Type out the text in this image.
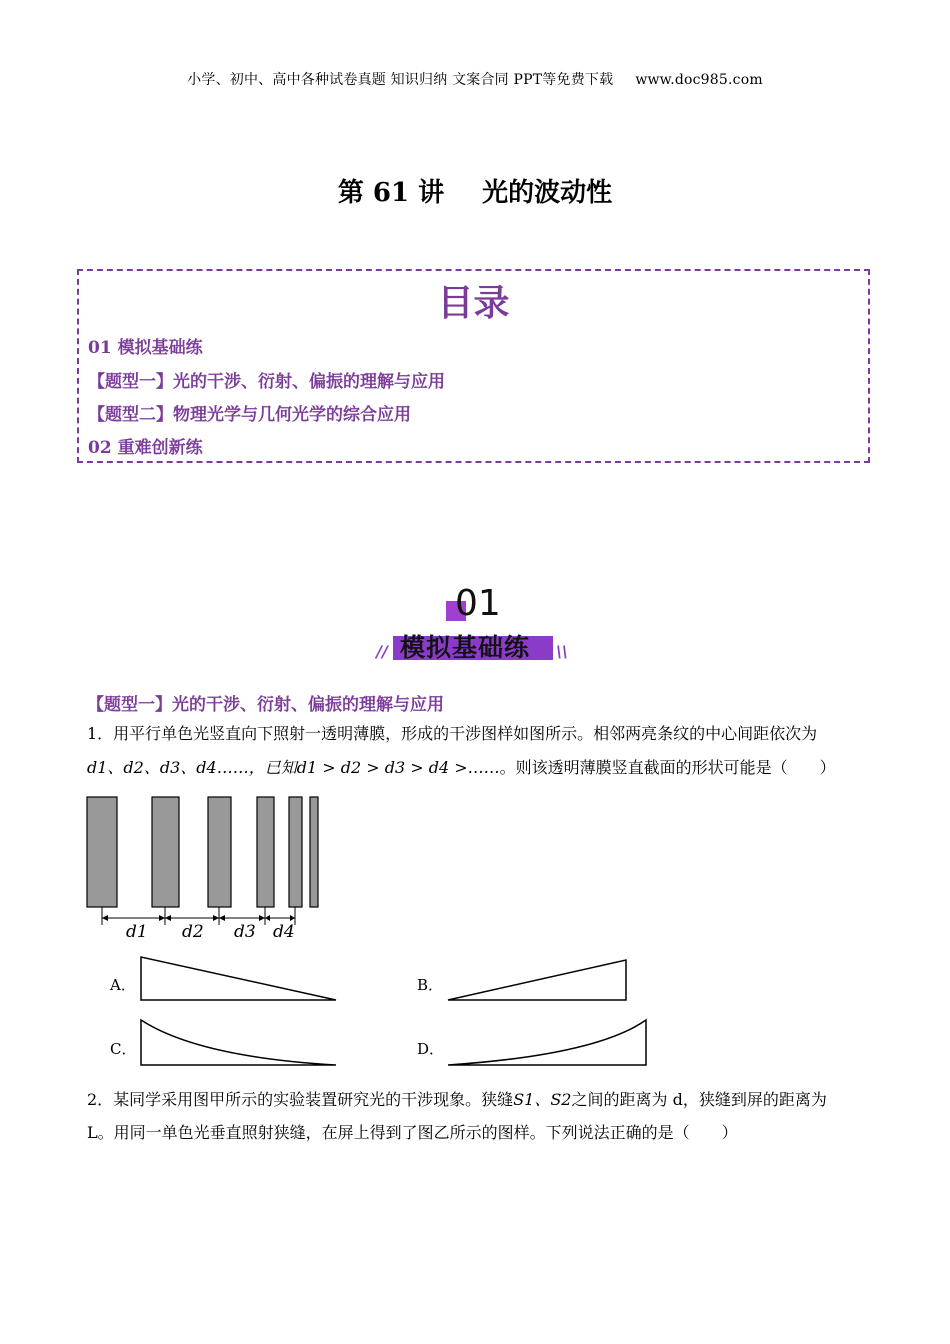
小学、初中、高中各种试卷真题 知识归纳 文案合同 PPT等免费下载 www.doc985.com
第 61 讲 光的波动性
目录
01 模拟基础练
【题型一】光的干涉、衍射、偏振的理解与应用
【题型二】物理光学与几何光学的综合应用
02 重难创新练
01
// 模拟基础练 \\
【题型一】光的干涉、衍射、偏振的理解与应用
1．用平行单色光竖直向下照射一透明薄膜，形成的干涉图样如图所示。相邻两亮条纹的中心间距依次为
d1、d2、d3、d4……，已知d1 > d2 > d3 > d4 >……。则该透明薄膜竖直截面的形状可能是（　　）
d1 d2 d3 d4
A．	B．
C．	D．
2．某同学采用图甲所示的实验装置研究光的干涉现象。狭缝S1、S2之间的距离为 d，狭缝到屏的距离为
L。用同一单色光垂直照射狭缝，在屏上得到了图乙所示的图样。下列说法正确的是（　　）
